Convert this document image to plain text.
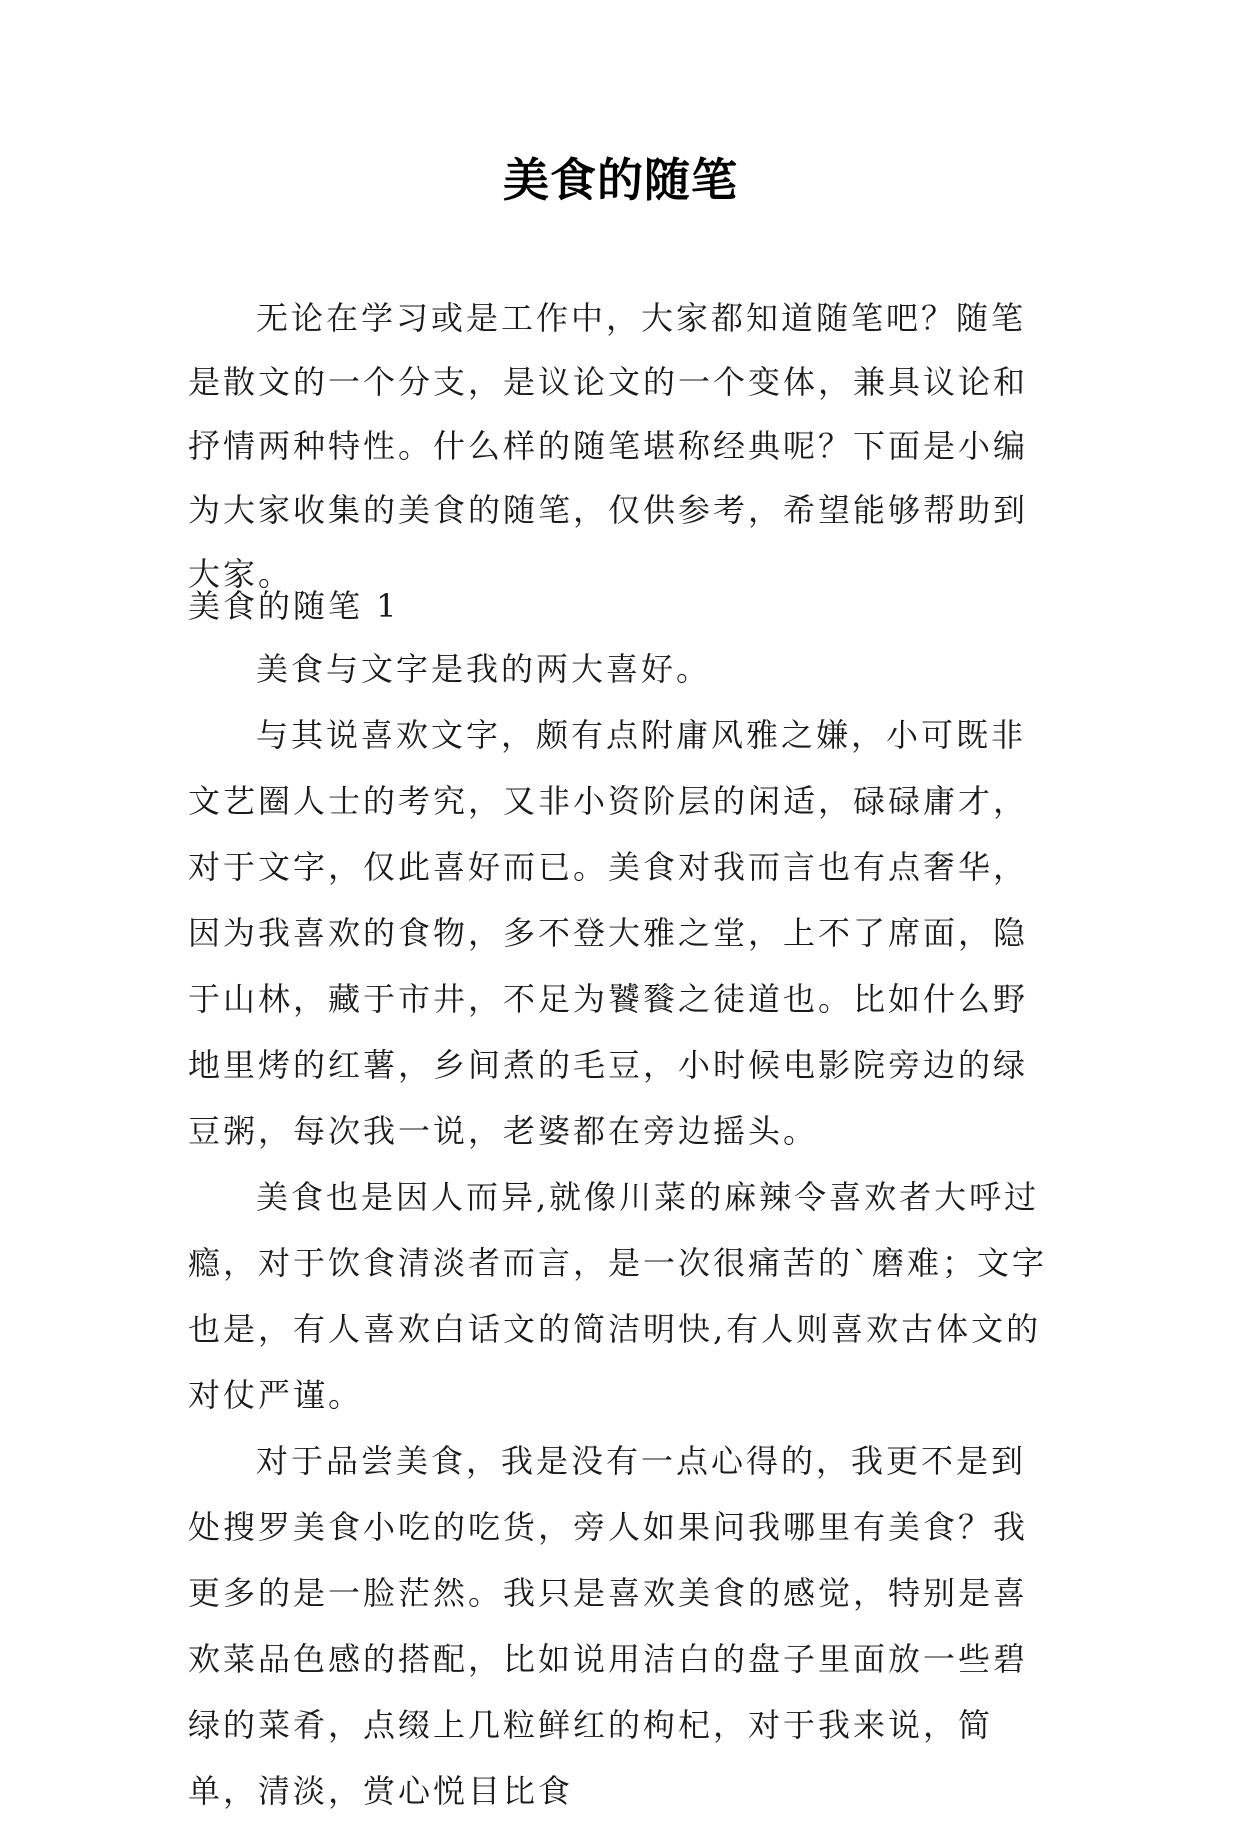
美食的随笔

无论在学习或是工作中，大家都知道随笔吧？随笔是散文的一个分支，是议论文的一个变体，兼具议论和抒情两种特性。什么样的随笔堪称经典呢？下面是小编为大家收集的美食的随笔，仅供参考，希望能够帮助到大家。

美食的随笔 1

美食与文字是我的两大喜好。

与其说喜欢文字，颇有点附庸风雅之嫌，小可既非文艺圈人士的考究，又非小资阶层的闲适，碌碌庸才，对于文字，仅此喜好而已。美食对我而言也有点奢华，因为我喜欢的食物，多不登大雅之堂，上不了席面，隐于山林，藏于市井，不足为饕餮之徒道也。比如什么野地里烤的红薯，乡间煮的毛豆，小时候电影院旁边的绿豆粥，每次我一说，老婆都在旁边摇头。

美食也是因人而异,就像川菜的麻辣令喜欢者大呼过瘾，对于饮食清淡者而言，是一次很痛苦的`磨难；文字也是，有人喜欢白话文的简洁明快,有人则喜欢古体文的对仗严谨。

对于品尝美食，我是没有一点心得的，我更不是到处搜罗美食小吃的吃货，旁人如果问我哪里有美食？我更多的是一脸茫然。我只是喜欢美食的感觉，特别是喜欢菜品色感的搭配，比如说用洁白的盘子里面放一些碧绿的菜肴，点缀上几粒鲜红的枸杞，对于我来说，简单，清淡，赏心悦目比食
